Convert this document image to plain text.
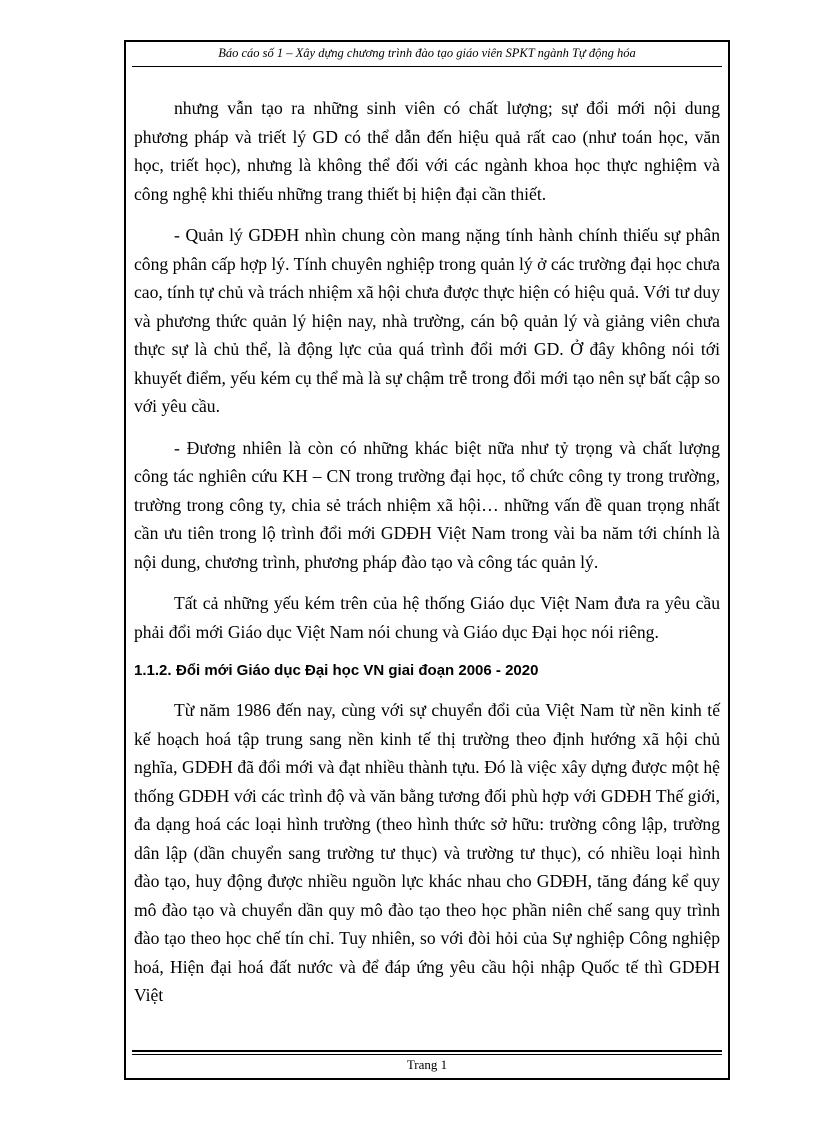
Báo cáo số 1 – Xây dựng chương trình đào tạo giáo viên SPKT ngành Tự động hóa

nhưng vẫn tạo ra những sinh viên có chất lượng; sự đổi mới nội dung phương pháp và triết lý GD có thể dẫn đến hiệu quả rất cao (như toán học, văn học, triết học), nhưng là không thể đối với các ngành khoa học thực nghiệm và công nghệ khi thiếu những trang thiết bị hiện đại cần thiết.

- Quản lý GDĐH nhìn chung còn mang nặng tính hành chính thiếu sự phân công phân cấp hợp lý. Tính chuyên nghiệp trong quản lý ở các trường đại học chưa cao, tính tự chủ và trách nhiệm xã hội chưa được thực hiện có hiệu quả. Với tư duy và phương thức quản lý hiện nay, nhà trường, cán bộ quản lý và giảng viên chưa thực sự là chủ thể, là động lực của quá trình đổi mới GD. Ở đây không nói tới khuyết điểm, yếu kém cụ thể mà là sự chậm trễ trong đổi mới tạo nên sự bất cập so với yêu cầu.

- Đương nhiên là còn có những khác biệt nữa như tỷ trọng và chất lượng công tác nghiên cứu KH – CN trong trường đại học, tổ chức công ty trong trường, trường trong công ty, chia sẻ trách nhiệm xã hội… những vấn đề quan trọng nhất cần ưu tiên trong lộ trình đổi mới GDĐH Việt Nam trong vài ba năm tới chính là nội dung, chương trình, phương pháp đào tạo và công tác quản lý.

Tất cả những yếu kém trên của hệ thống Giáo dục Việt Nam đưa ra yêu cầu phải đổi mới Giáo dục Việt Nam nói chung và Giáo dục Đại học nói riêng.

1.1.2. Đổi mới Giáo dục Đại học VN giai đoạn 2006 - 2020

Từ năm 1986 đến nay, cùng với sự chuyển đổi của Việt Nam từ nền kinh tế kế hoạch hoá tập trung sang nền kinh tế thị trường theo định hướng xã hội chủ nghĩa, GDĐH đã đổi mới và đạt nhiều thành tựu. Đó là việc xây dựng được một hệ thống GDĐH với các trình độ và văn bằng tương đối phù hợp với GDĐH Thế giới, đa dạng hoá các loại hình trường (theo hình thức sở hữu: trường công lập, trường dân lập (dần chuyển sang trường tư thục) và trường tư thục), có nhiều loại hình đào tạo, huy động được nhiều nguồn lực khác nhau cho GDĐH, tăng đáng kể quy mô đào tạo và chuyển dần quy mô đào tạo theo học phần niên chế sang quy trình đào tạo theo học chế tín chỉ. Tuy nhiên, so với đòi hỏi của Sự nghiệp Công nghiệp hoá, Hiện đại hoá đất nước và để đáp ứng yêu cầu hội nhập Quốc tế thì GDĐH Việt

Trang 1
